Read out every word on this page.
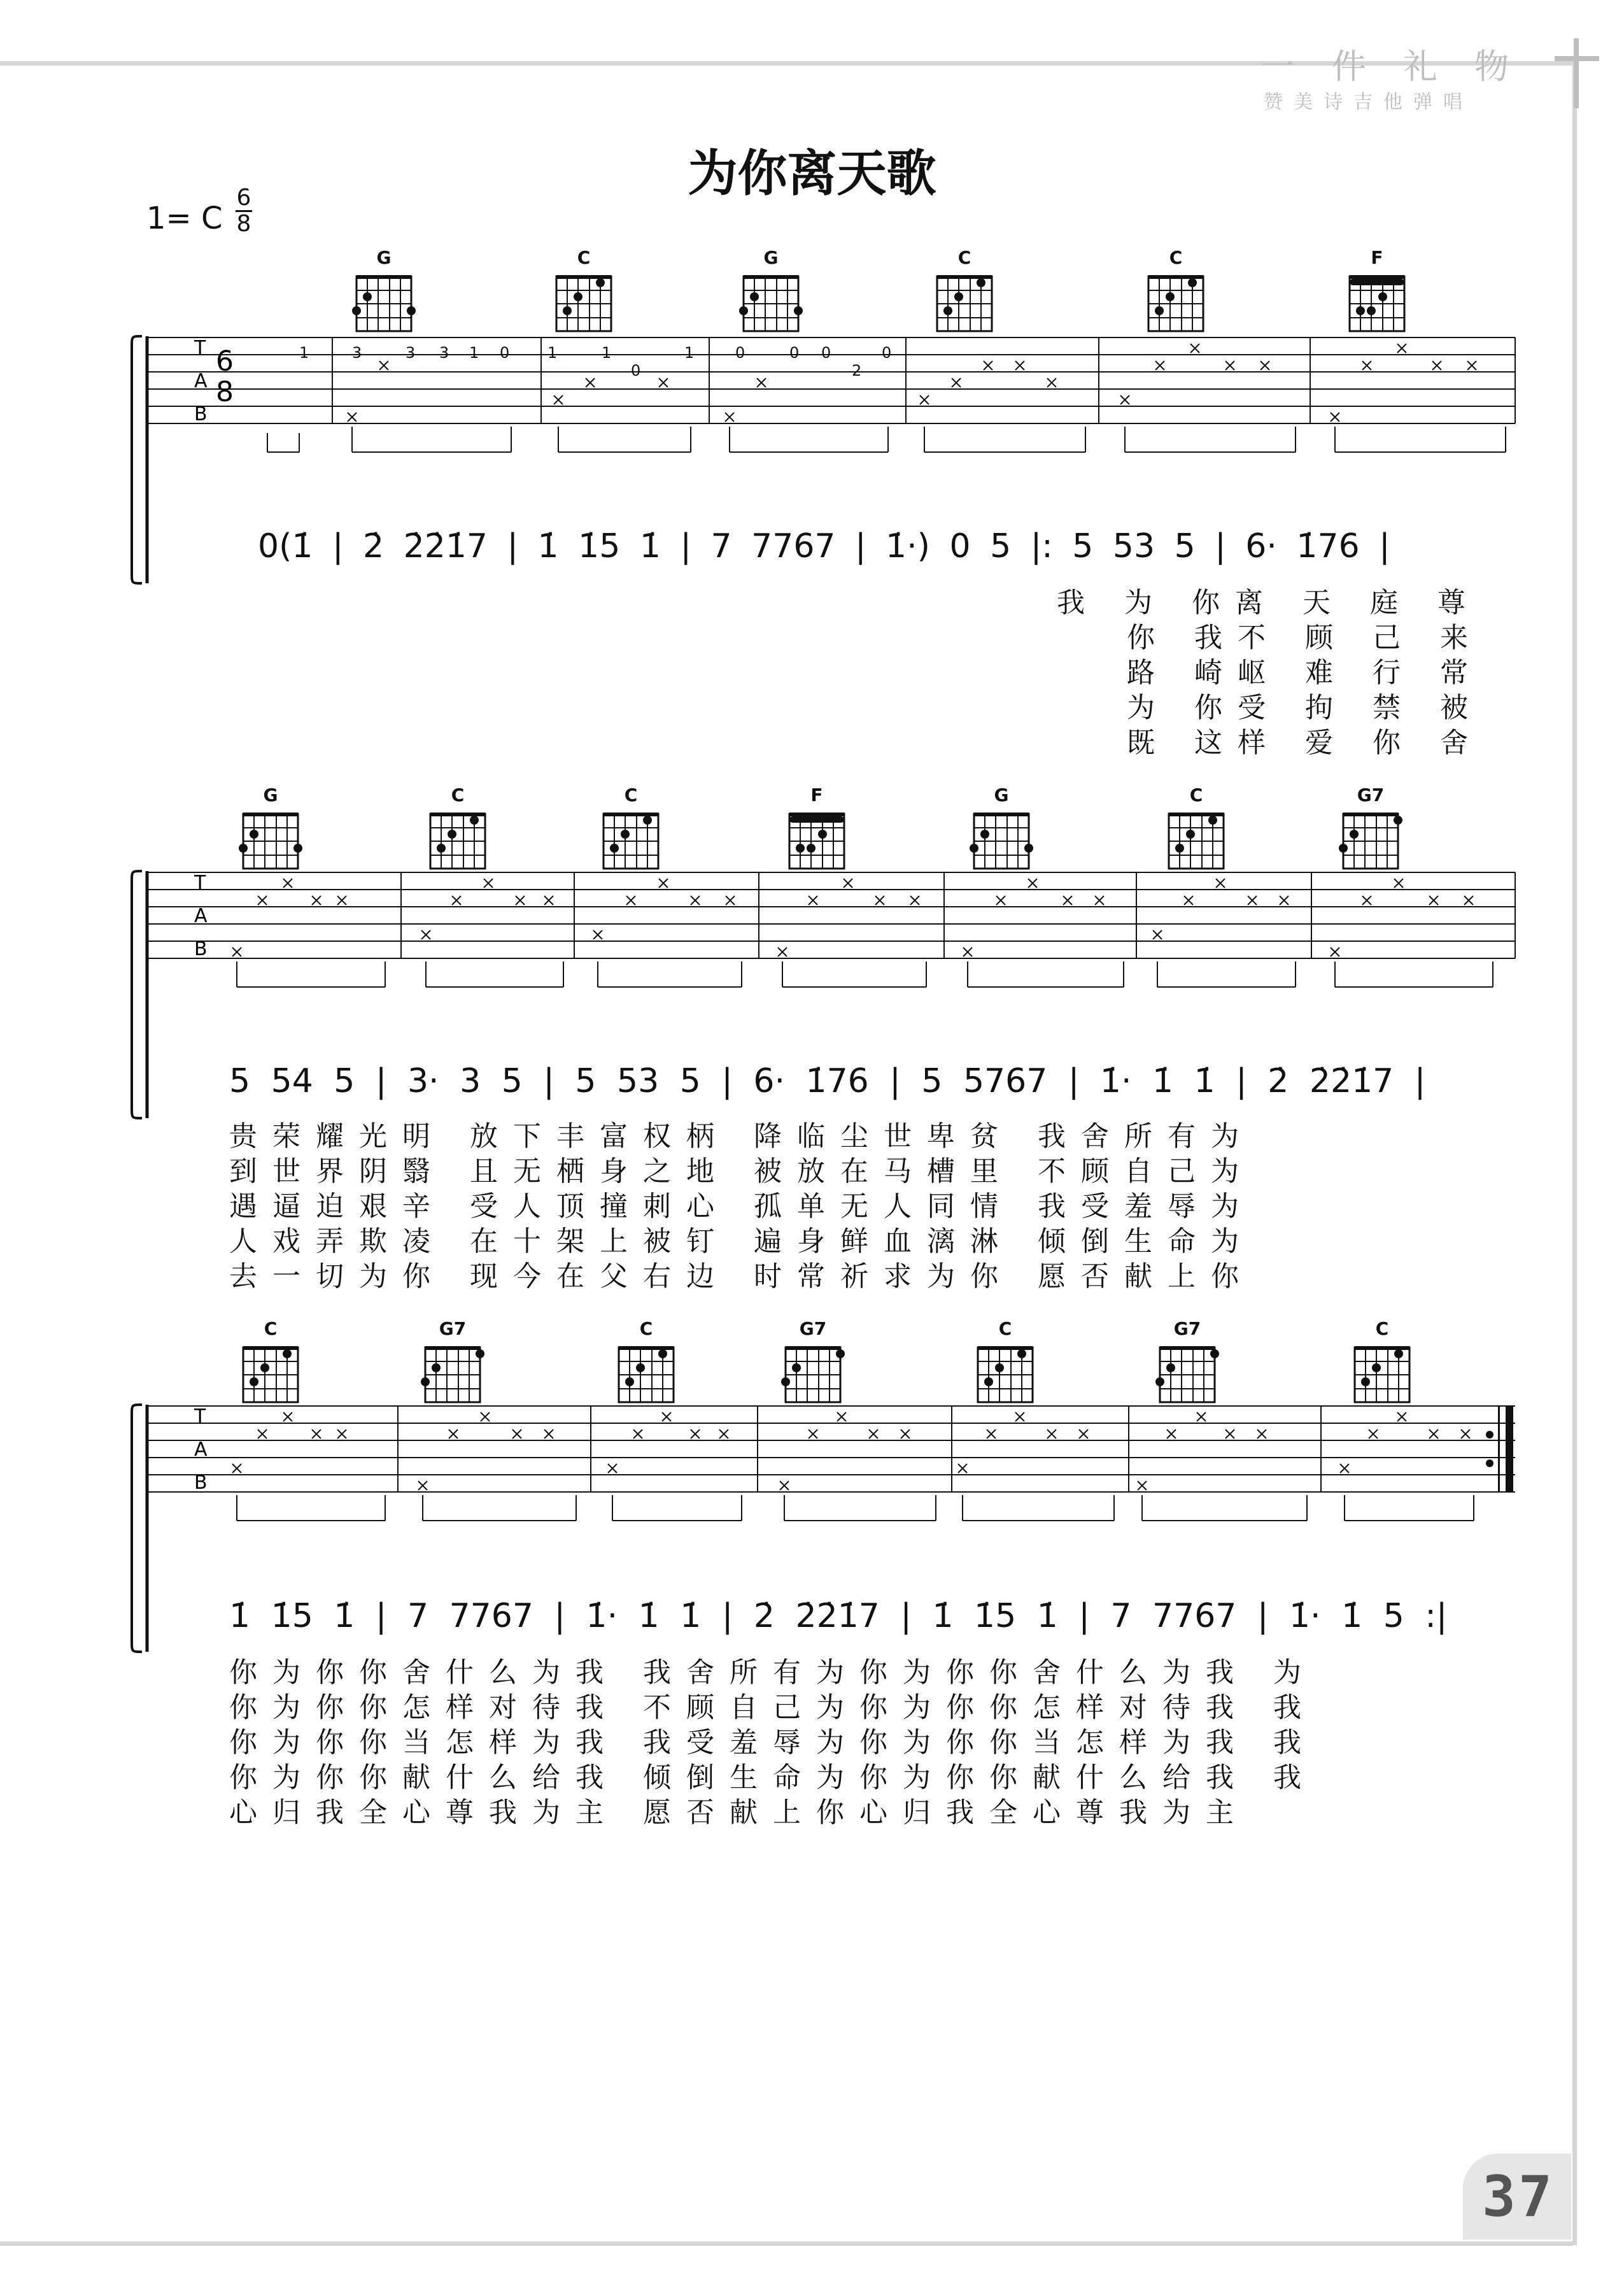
一件礼物
赞美诗吉他弹唱
为你离天歌
1= C
6
8
G	C	G	C	C	F
T
A
B
6
8
1	3	3 3 1 0 1	1
0
1	0	0 0
2
0
0(1̇ | 2̇ 2̇2̇1̇7 | 1̇ 1̇5 1̇ | 7 7767 | 1̇·) 0 5 |: 5 53 5 | 6· 1̇76 |
我 为 你离 天 庭 尊
你 我不 顾 己 来
路 崎岖 难 行 常
为 你受 拘 禁 被
既 这样 爱 你 舍
G	C	C	F	G	C	G7
T
A
B
5 54 5 | 3· 3 5 | 5 53 5 | 6· 1̇76 | 5 5767 | 1̇· 1̇ 1̇ | 2̇ 2̇2̇1̇7 |
贵荣耀光明 放下丰富权柄 降临尘世卑贫 我舍所有为
到世界阴翳 且无栖身之地 被放在马槽里 不顾自己为
遇逼迫艰辛 受人顶撞刺心 孤单无人同情 我受羞辱为
人戏弄欺凌 在十架上被钉 遍身鲜血漓淋 倾倒生命为
去一切为你 现今在父右边 时常祈求为你 愿否献上你
C	G7	C	G7	C	G7	C
T
A
B
1̇ 1̇5 1̇ | 7 7767 | 1̇· 1̇ 1̇ | 2̇ 2̇2̇1̇7 | 1̇ 1̇5 1̇ | 7 7767 | 1̇· 1̇ 5 :|
你为你你舍什么为我 我舍所有为你为你你舍什么为我 为
你为你你怎样对待我 不顾自己为你为你你怎样对待我 我
你为你你当怎样为我 我受羞辱为你为你你当怎样为我 我
你为你你献什么给我 倾倒生命为你为你你献什么给我 我
心归我全心尊我为主 愿否献上你心归我全心尊我为主
37
